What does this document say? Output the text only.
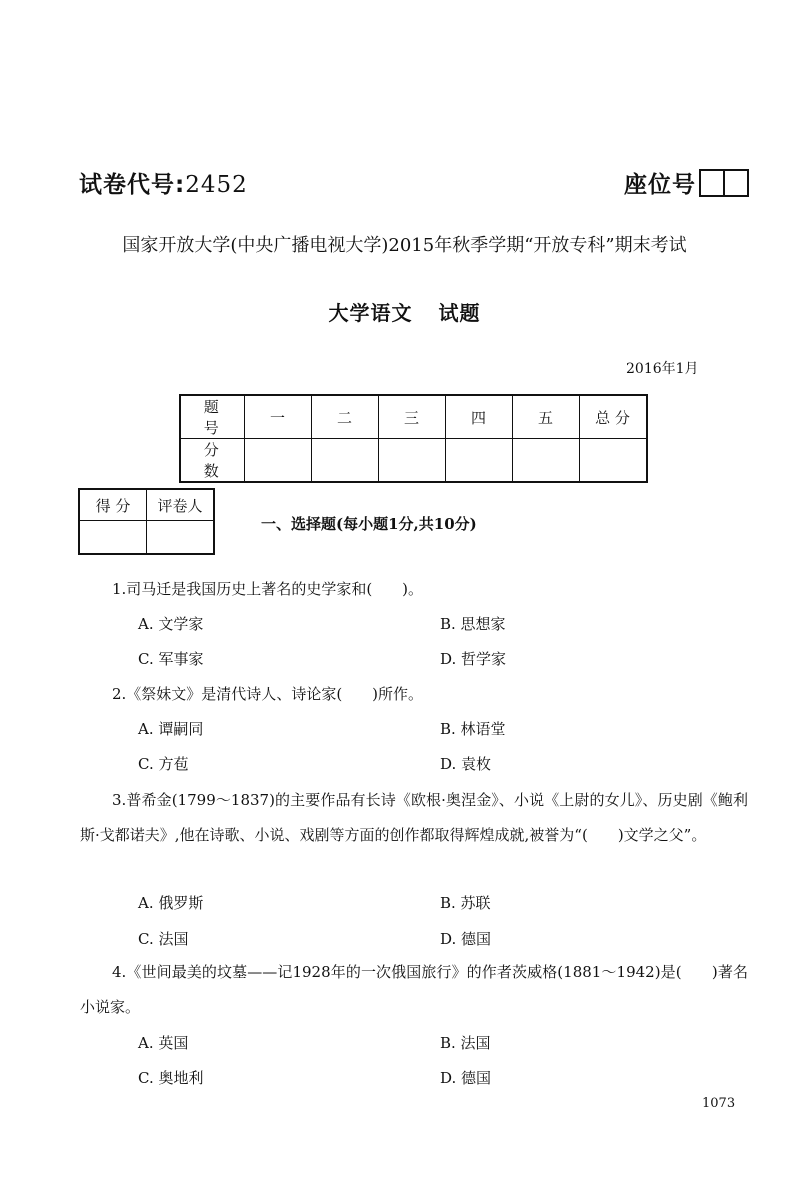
试卷代号:2452	座位号
国家开放大学(中央广播电视大学)2015年秋季学期“开放专科”期末考试
大学语文 试题
2016年1月
题 号	一	二	三	四	五	总 分
分 数						
得 分	评卷人

一、选择题(每小题1分,共10分)
1.司马迁是我国历史上著名的史学家和(　　)。
A. 文学家	B. 思想家
C. 军事家	D. 哲学家
2.《祭妹文》是清代诗人、诗论家(　　)所作。
A. 谭嗣同	B. 林语堂
C. 方苞	D. 袁枚
3.普希金(1799～1837)的主要作品有长诗《欧根·奥涅金》、小说《上尉的女儿》、历史剧《鲍利斯·戈都诺夫》,他在诗歌、小说、戏剧等方面的创作都取得辉煌成就,被誉为“(　　)文学之父”。
A. 俄罗斯	B. 苏联
C. 法国	D. 德国
4.《世间最美的坟墓——记1928年的一次俄国旅行》的作者茨威格(1881～1942)是(　　)著名小说家。
A. 英国	B. 法国
C. 奥地利	D. 德国
1073
